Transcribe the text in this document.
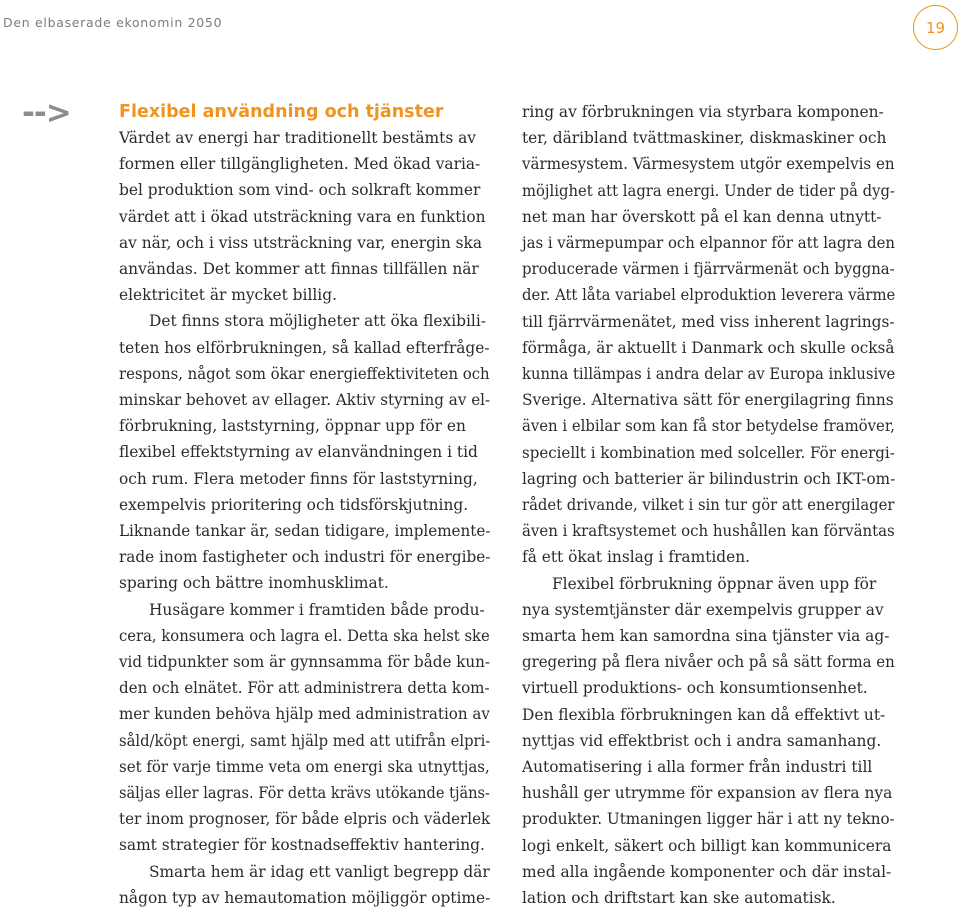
Den elbaserade ekonomin 2050	19
-->	Flexibel användning och tjänster
Värdet av energi har traditionellt bestämts av
formen eller tillgängligheten. Med ökad varia-
bel produktion som vind- och solkraft kommer
värdet att i ökad utsträckning vara en funktion
av när, och i viss utsträckning var, energin ska
användas. Det kommer att finnas tillfällen när
elektricitet är mycket billig.
Det finns stora möjligheter att öka flexibili-
teten hos elförbrukningen, så kallad efterfråge-
respons, något som ökar energieffektiviteten och
minskar behovet av ellager. Aktiv styrning av el-
förbrukning, laststyrning, öppnar upp för en
flexibel effektstyrning av elanvändningen i tid
och rum. Flera metoder finns för laststyrning,
exempelvis prioritering och tidsförskjutning.
Liknande tankar är, sedan tidigare, implemente-
rade inom fastigheter och industri för energibe-
sparing och bättre inomhusklimat.
Husägare kommer i framtiden både produ-
cera, konsumera och lagra el. Detta ska helst ske
vid tidpunkter som är gynnsamma för både kun-
den och elnätet. För att administrera detta kom-
mer kunden behöva hjälp med administration av
såld/köpt energi, samt hjälp med att utifrån elpri-
set för varje timme veta om energi ska utnyttjas,
säljas eller lagras. För detta krävs utökande tjäns-
ter inom prognoser, för både elpris och väderlek
samt strategier för kostnadseffektiv hantering.
Smarta hem är idag ett vanligt begrepp där
någon typ av hemautomation möjliggör optime-
ring av förbrukningen via styrbara komponen-
ter, däribland tvättmaskiner, diskmaskiner och
värmesystem. Värmesystem utgör exempelvis en
möjlighet att lagra energi. Under de tider på dyg-
net man har överskott på el kan denna utnytt-
jas i värmepumpar och elpannor för att lagra den
producerade värmen i fjärrvärmenät och byggna-
der. Att låta variabel elproduktion leverera värme
till fjärrvärmenätet, med viss inherent lagrings-
förmåga, är aktuellt i Danmark och skulle också
kunna tillämpas i andra delar av Europa inklusive
Sverige. Alternativa sätt för energilagring finns
även i elbilar som kan få stor betydelse framöver,
speciellt i kombination med solceller. För energi-
lagring och batterier är bilindustrin och IKT-om-
rådet drivande, vilket i sin tur gör att energilager
även i kraftsystemet och hushållen kan förväntas
få ett ökat inslag i framtiden.
Flexibel förbrukning öppnar även upp för
nya systemtjänster där exempelvis grupper av
smarta hem kan samordna sina tjänster via ag-
gregering på flera nivåer och på så sätt forma en
virtuell produktions- och konsumtionsenhet.
Den flexibla förbrukningen kan då effektivt ut-
nyttjas vid effektbrist och i andra samanhang.
Automatisering i alla former från industri till
hushåll ger utrymme för expansion av flera nya
produkter. Utmaningen ligger här i att ny tekno-
logi enkelt, säkert och billigt kan kommunicera
med alla ingående komponenter och där instal-
lation och driftstart kan ske automatisk.
